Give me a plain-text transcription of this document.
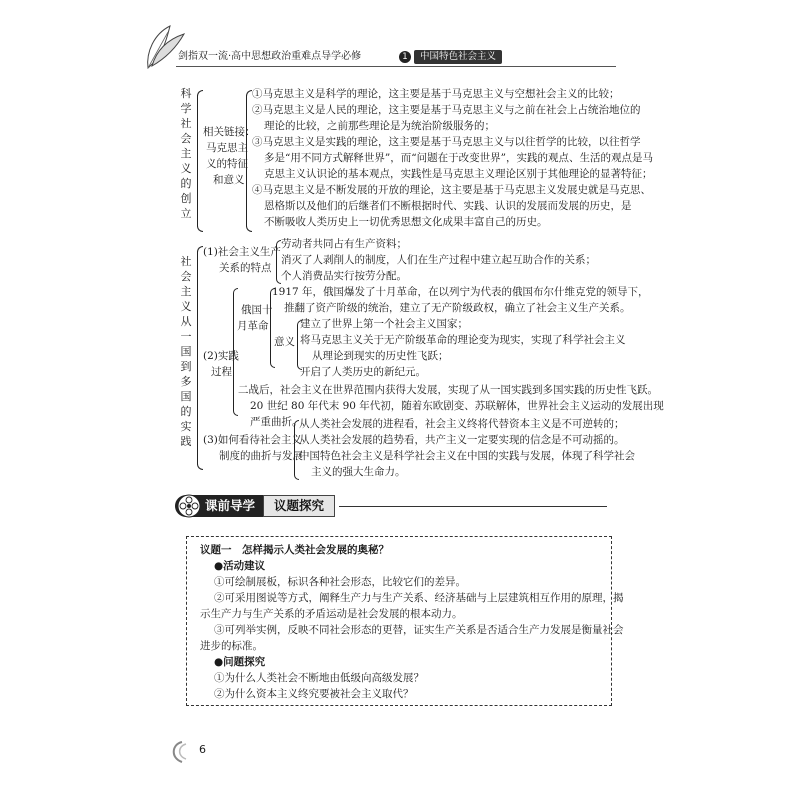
剑指双一流·高中思想政治重难点导学必修	1	中国特色社会主义
科学社会主义的创立
相关链接：
马克思主
义的特征
和意义
①马克思主义是科学的理论，这主要是基于马克思主义与空想社会主义的比较；
②马克思主义是人民的理论，这主要是基于马克思主义与之前在社会上占统治地位的
理论的比较，之前那些理论是为统治阶级服务的；
③马克思主义是实践的理论，这主要是基于马克思主义与以往哲学的比较，以往哲学
多是“用不同方式解释世界”，而“问题在于改变世界”，实践的观点、生活的观点是马
克思主义认识论的基本观点，实践性是马克思主义理论区别于其他理论的显著特征；
④马克思主义是不断发展的开放的理论，这主要是基于马克思主义发展史就是马克思、
恩格斯以及他们的后继者们不断根据时代、实践、认识的发展而发展的历史，是
不断吸收人类历史上一切优秀思想文化成果丰富自己的历史。
社会主义从一国到多国的实践
(1)社会主义生产
关系的特点
劳动者共同占有生产资料；
消灭了人剥削人的制度，人们在生产过程中建立起互助合作的关系；
个人消费品实行按劳分配。
(2)实践
过程
俄国十
月革命
1917 年，俄国爆发了十月革命，在以列宁为代表的俄国布尔什维克党的领导下，
推翻了资产阶级的统治，建立了无产阶级政权，确立了社会主义生产关系。
意义
建立了世界上第一个社会主义国家；
将马克思主义关于无产阶级革命的理论变为现实，实现了科学社会主义
从理论到现实的历史性飞跃；
开启了人类历史的新纪元。
二战后，社会主义在世界范围内获得大发展，实现了从一国实践到多国实践的历史性飞跃。
20 世纪 80 年代末 90 年代初，随着东欧剧变、苏联解体，世界社会主义运动的发展出现
严重曲折。
(3)如何看待社会主义
制度的曲折与发展
从人类社会发展的进程看，社会主义终将代替资本主义是不可逆转的；
从人类社会发展的趋势看，共产主义一定要实现的信念是不可动摇的。
中国特色社会主义是科学社会主义在中国的实践与发展，体现了科学社会
主义的强大生命力。
课前导学	议题探究
议题一　怎样揭示人类社会发展的奥秘？
●活动建议
①可绘制展板，标识各种社会形态，比较它们的差异。
②可采用图说等方式，阐释生产力与生产关系、经济基础与上层建筑相互作用的原理，揭
示生产力与生产关系的矛盾运动是社会发展的根本动力。
③可列举实例，反映不同社会形态的更替，证实生产关系是否适合生产力发展是衡量社会
进步的标准。
●问题探究
①为什么人类社会不断地由低级向高级发展？
②为什么资本主义终究要被社会主义取代？
6
